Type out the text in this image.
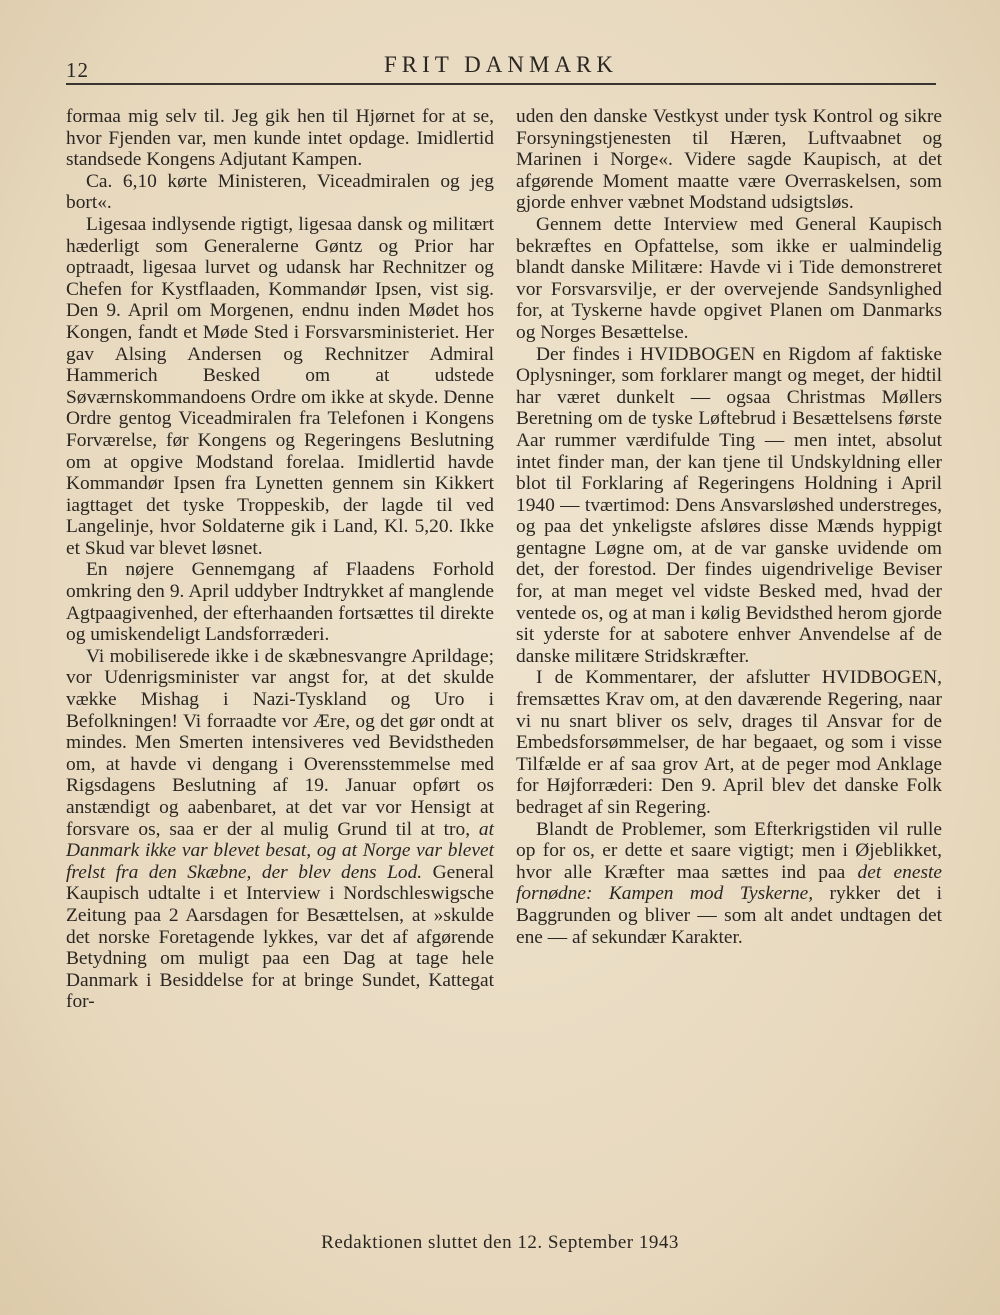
12	FRIT DANMARK

formaa mig selv til. Jeg gik hen til Hjørnet for at se, hvor Fjenden var, men kunde intet opdage. Imidlertid standsede Kongens Adjutant Kampen.

Ca. 6,10 kørte Ministeren, Viceadmiralen og jeg bort«.

Ligesaa indlysende rigtigt, ligesaa dansk og militært hæderligt som Generalerne Gøntz og Prior har optraadt, ligesaa lurvet og udansk har Rechnitzer og Chefen for Kystflaaden, Kommandør Ipsen, vist sig. Den 9. April om Morgenen, endnu inden Mødet hos Kongen, fandt et Møde Sted i Forsvarsministeriet. Her gav Alsing Andersen og Rechnitzer Admiral Hammerich Besked om at udstede Søværnskommandoens Ordre om ikke at skyde. Denne Ordre gentog Viceadmiralen fra Telefonen i Kongens Forværelse, før Kongens og Regeringens Beslutning om at opgive Modstand forelaa. Imidlertid havde Kommandør Ipsen fra Lynetten gennem sin Kikkert iagttaget det tyske Troppeskib, der lagde til ved Langelinje, hvor Soldaterne gik i Land, Kl. 5,20. Ikke et Skud var blevet løsnet.

En nøjere Gennemgang af Flaadens Forhold omkring den 9. April uddyber Indtrykket af manglende Agtpaagivenhed, der efterhaanden fortsættes til direkte og umiskendeligt Landsforræderi.

Vi mobiliserede ikke i de skæbnesvangre Aprildage; vor Udenrigsminister var angst for, at det skulde vække Mishag i Nazi-Tyskland og Uro i Befolkningen! Vi forraadte vor Ære, og det gør ondt at mindes. Men Smerten intensiveres ved Bevidstheden om, at havde vi dengang i Overensstemmelse med Rigsdagens Beslutning af 19. Januar opført os anstændigt og aabenbaret, at det var vor Hensigt at forsvare os, saa er der al mulig Grund til at tro, at Danmark ikke var blevet besat, og at Norge var blevet frelst fra den Skæbne, der blev dens Lod. General Kaupisch udtalte i et Interview i Nordschleswigsche Zeitung paa 2 Aarsdagen for Besættelsen, at »skulde det norske Foretagende lykkes, var det af afgørende Betydning om muligt paa een Dag at tage hele Danmark i Besiddelse for at bringe Sundet, Kattegat for-

uden den danske Vestkyst under tysk Kontrol og sikre Forsyningstjenesten til Hæren, Luftvaabnet og Marinen i Norge«. Videre sagde Kaupisch, at det afgørende Moment maatte være Overraskelsen, som gjorde enhver væbnet Modstand udsigtsløs.

Gennem dette Interview med General Kaupisch bekræftes en Opfattelse, som ikke er ualmindelig blandt danske Militære: Havde vi i Tide demonstreret vor Forsvarsvilje, er der overvejende Sandsynlighed for, at Tyskerne havde opgivet Planen om Danmarks og Norges Besættelse.

Der findes i HVIDBOGEN en Rigdom af faktiske Oplysninger, som forklarer mangt og meget, der hidtil har været dunkelt — ogsaa Christmas Møllers Beretning om de tyske Løftebrud i Besættelsens første Aar rummer værdifulde Ting — men intet, absolut intet finder man, der kan tjene til Undskyldning eller blot til Forklaring af Regeringens Holdning i April 1940 — tværtimod: Dens Ansvarsløshed understreges, og paa det ynkeligste afsløres disse Mænds hyppigt gentagne Løgne om, at de var ganske uvidende om det, der forestod. Der findes uigendrivelige Beviser for, at man meget vel vidste Besked med, hvad der ventede os, og at man i kølig Bevidsthed herom gjorde sit yderste for at sabotere enhver Anvendelse af de danske militære Stridskræfter.

I de Kommentarer, der afslutter HVIDBOGEN, fremsættes Krav om, at den daværende Regering, naar vi nu snart bliver os selv, drages til Ansvar for de Embedsforsømmelser, de har begaaet, og som i visse Tilfælde er af saa grov Art, at de peger mod Anklage for Højforræderi: Den 9. April blev det danske Folk bedraget af sin Regering.

Blandt de Problemer, som Efterkrigstiden vil rulle op for os, er dette et saare vigtigt; men i Øjeblikket, hvor alle Kræfter maa sættes ind paa det eneste fornødne: Kampen mod Tyskerne, rykker det i Baggrunden og bliver — som alt andet undtagen det ene — af sekundær Karakter.

Redaktionen sluttet den 12. September 1943
